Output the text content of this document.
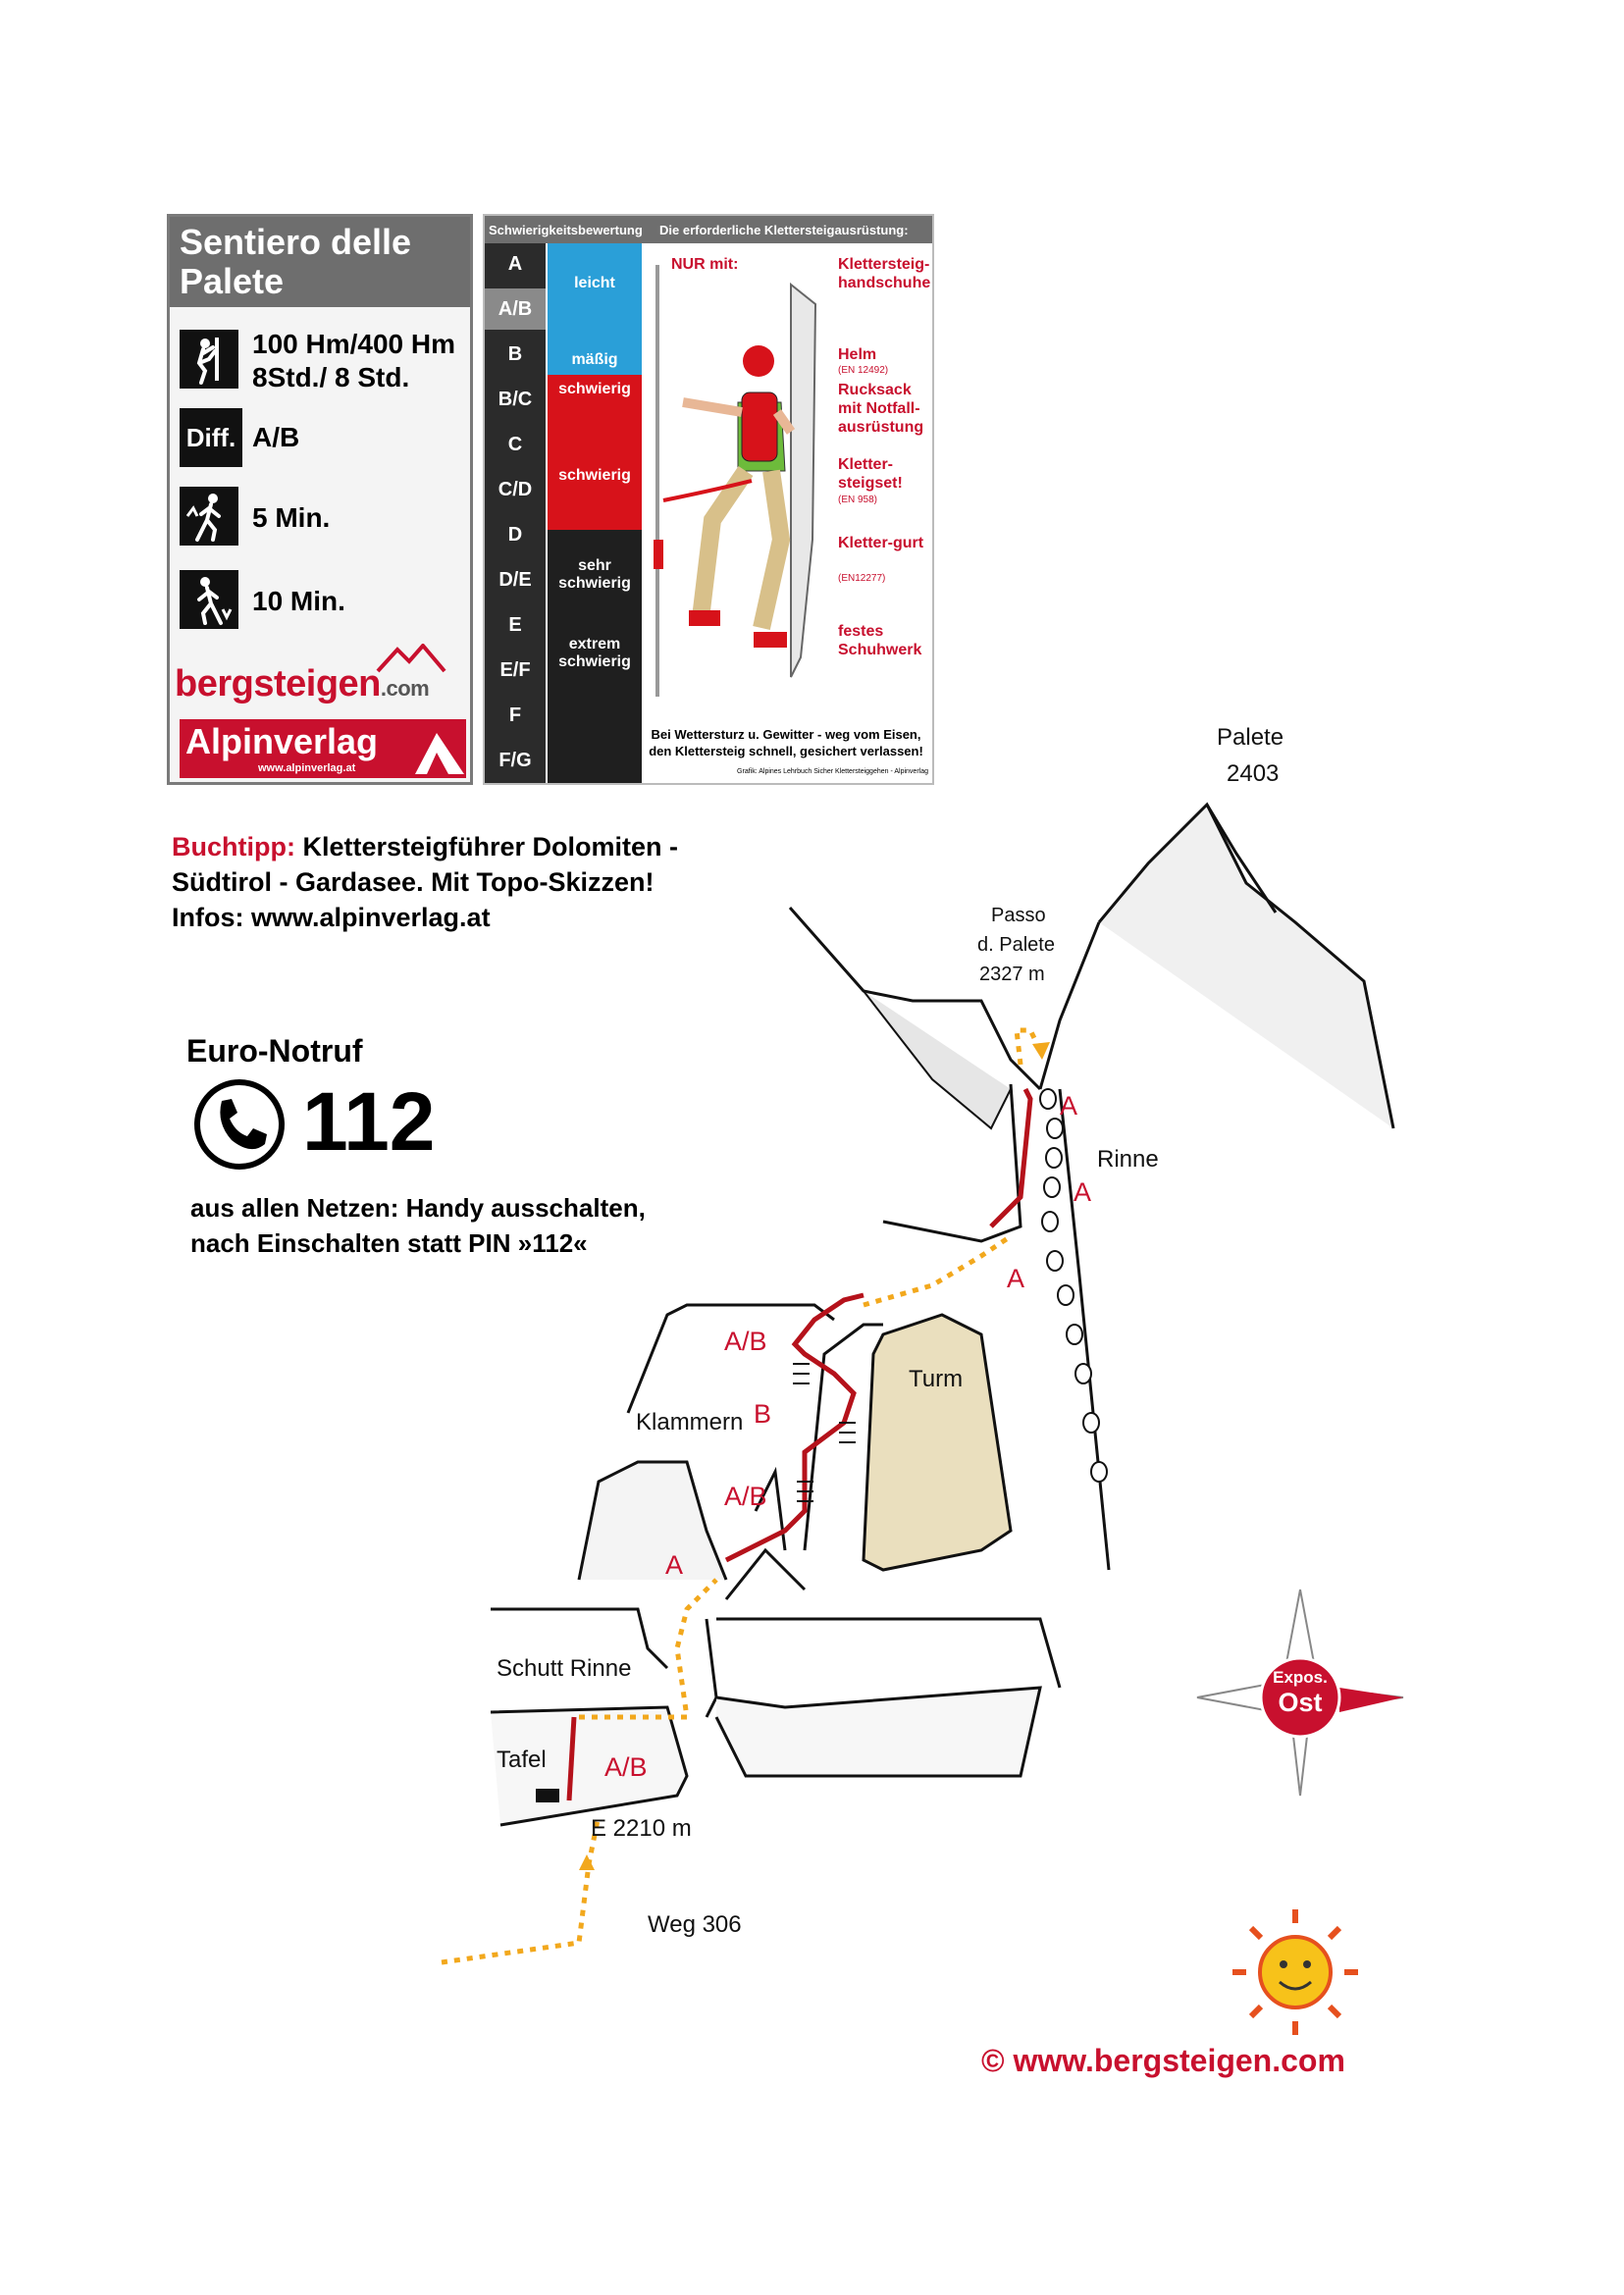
Sentiero delle Palete
100 Hm/400 Hm
8Std./ 8 Std.
Diff. A/B
5 Min.
10 Min.
bergsteigen.com
Alpinverlag
www.alpinverlag.at
Schwierigkeitsbewertung Die erforderliche Klettersteigausrüstung:
A
A/B
B
B/C
C
C/D
D
D/E
E
E/F
F
F/G
leicht
mäßig
schwierig
schwierig
sehr schwierig
extrem schwierig
NUR mit:	Klettersteig-handschuhe
Helm
(EN 12492)
Rucksack mit Notfall-ausrüstung
Kletter-steigset!
(EN 958)
Kletter-gurt
(EN12277)
festes Schuhwerk
Bei Wettersturz u. Gewitter - weg vom Eisen, den Klettersteig schnell, gesichert verlassen!
Grafik: Alpines Lehrbuch Sicher Klettersteiggehen - Alpinverlag
Buchtipp: Klettersteigführer Dolomiten -
Südtirol - Gardasee. Mit Topo-Skizzen!
Infos: www.alpinverlag.at
Euro-Notruf
112
aus allen Netzen: Handy ausschalten, nach Einschalten statt PIN »112«
Palete
2403
Passo
d. Palete
2327 m
Rinne
Turm
Klammern
Schutt Rinne
Tafel
E 2210 m
Weg 306
A
A
A
A/B
B
A/B
A
A/B
Expos.
Ost
© www.bergsteigen.com
